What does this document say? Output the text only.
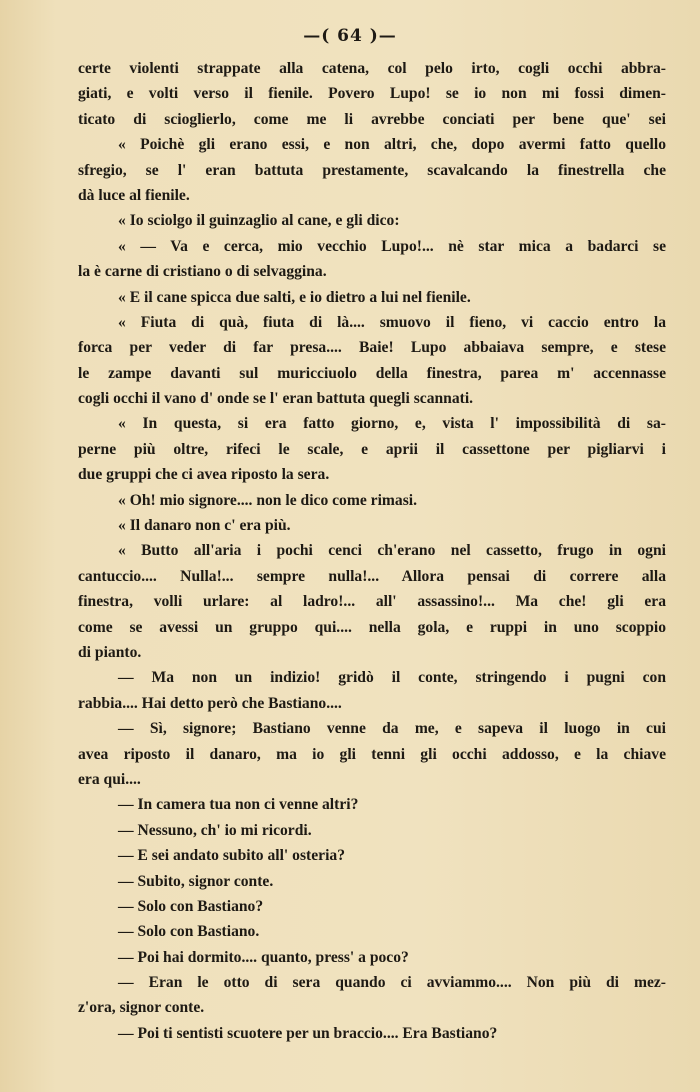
—( 64 )—
certe violenti strappate alla catena, col pelo irto, cogli occhi abbra-
giati, e volti verso il fienile. Povero Lupo! se io non mi fossi dimen-
ticato di scioglierlo, come me li avrebbe conciati per bene que' sei
« Poichè gli erano essi, e non altri, che, dopo avermi fatto quello
sfregio, se l' eran battuta prestamente, scavalcando la finestrella che
dà luce al fienile.
« Io sciolgo il guinzaglio al cane, e gli dico:
« — Va e cerca, mio vecchio Lupo!... nè star mica a badarci se
la è carne di cristiano o di selvaggina.
« E il cane spicca due salti, e io dietro a lui nel fienile.
« Fiuta di quà, fiuta di là.... smuovo il fieno, vi caccio entro la
forca per veder di far presa.... Baie! Lupo abbaiava sempre, e stese
le zampe davanti sul muricciuolo della finestra, parea m' accennasse
cogli occhi il vano d' onde se l' eran battuta quegli scannati.
« In questa, si era fatto giorno, e, vista l' impossibilità di sa-
perne più oltre, rifeci le scale, e aprii il cassettone per pigliarvi i
due gruppi che ci avea riposto la sera.
« Oh! mio signore.... non le dico come rimasi.
« Il danaro non c' era più.
« Butto all'aria i pochi cenci ch'erano nel cassetto, frugo in ogni
cantuccio.... Nulla!... sempre nulla!... Allora pensai di correre alla
finestra, volli urlare: al ladro!... all' assassino!... Ma che! gli era
come se avessi un gruppo qui.... nella gola, e ruppi in uno scoppio
di pianto.
— Ma non un indizio! gridò il conte, stringendo i pugni con
rabbia.... Hai detto però che Bastiano....
— Sì, signore; Bastiano venne da me, e sapeva il luogo in cui
avea riposto il danaro, ma io gli tenni gli occhi addosso, e la chiave
era qui....
— In camera tua non ci venne altri?
— Nessuno, ch' io mi ricordi.
— E sei andato subito all' osteria?
— Subito, signor conte.
— Solo con Bastiano?
— Solo con Bastiano.
— Poi hai dormito.... quanto, press' a poco?
— Eran le otto di sera quando ci avviammo.... Non più di mez-
z'ora, signor conte.
— Poi ti sentisti scuotere per un braccio.... Era Bastiano?
